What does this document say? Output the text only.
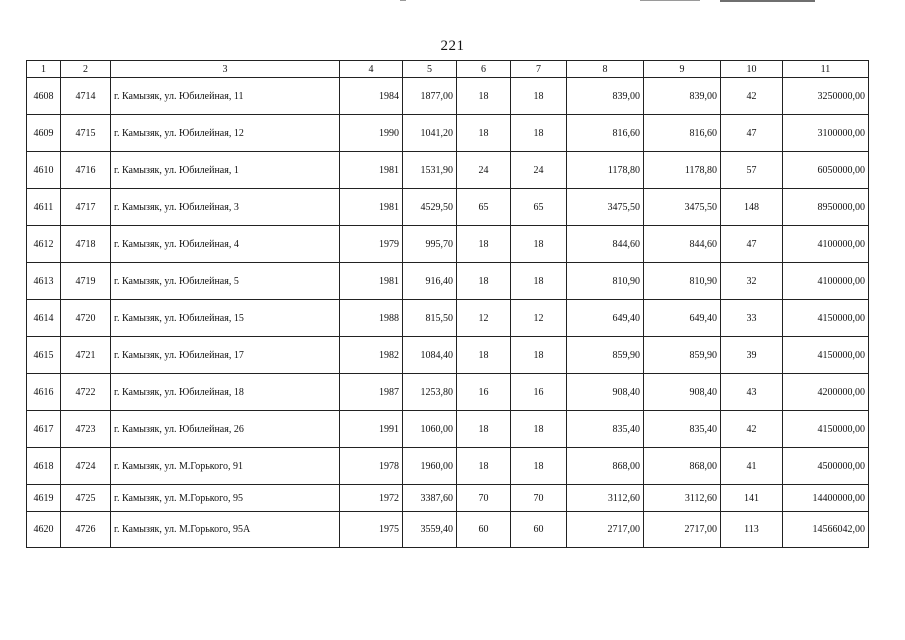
221
1	2	3	4	5	6	7	8	9	10	11
4608	4714	г. Камызяк, ул. Юбилейная, 11	1984	1877,00	18	18	839,00	839,00	42	3250000,00
4609	4715	г. Камызяк, ул. Юбилейная, 12	1990	1041,20	18	18	816,60	816,60	47	3100000,00
4610	4716	г. Камызяк, ул. Юбилейная, 1	1981	1531,90	24	24	1178,80	1178,80	57	6050000,00
4611	4717	г. Камызяк, ул. Юбилейная, 3	1981	4529,50	65	65	3475,50	3475,50	148	8950000,00
4612	4718	г. Камызяк, ул. Юбилейная, 4	1979	995,70	18	18	844,60	844,60	47	4100000,00
4613	4719	г. Камызяк, ул. Юбилейная, 5	1981	916,40	18	18	810,90	810,90	32	4100000,00
4614	4720	г. Камызяк, ул. Юбилейная, 15	1988	815,50	12	12	649,40	649,40	33	4150000,00
4615	4721	г. Камызяк, ул. Юбилейная, 17	1982	1084,40	18	18	859,90	859,90	39	4150000,00
4616	4722	г. Камызяк, ул. Юбилейная, 18	1987	1253,80	16	16	908,40	908,40	43	4200000,00
4617	4723	г. Камызяк, ул. Юбилейная, 26	1991	1060,00	18	18	835,40	835,40	42	4150000,00
4618	4724	г. Камызяк, ул. М.Горького, 91	1978	1960,00	18	18	868,00	868,00	41	4500000,00
4619	4725	г. Камызяк, ул. М.Горького, 95	1972	3387,60	70	70	3112,60	3112,60	141	14400000,00
4620	4726	г. Камызяк, ул. М.Горького, 95А	1975	3559,40	60	60	2717,00	2717,00	113	14566042,00
